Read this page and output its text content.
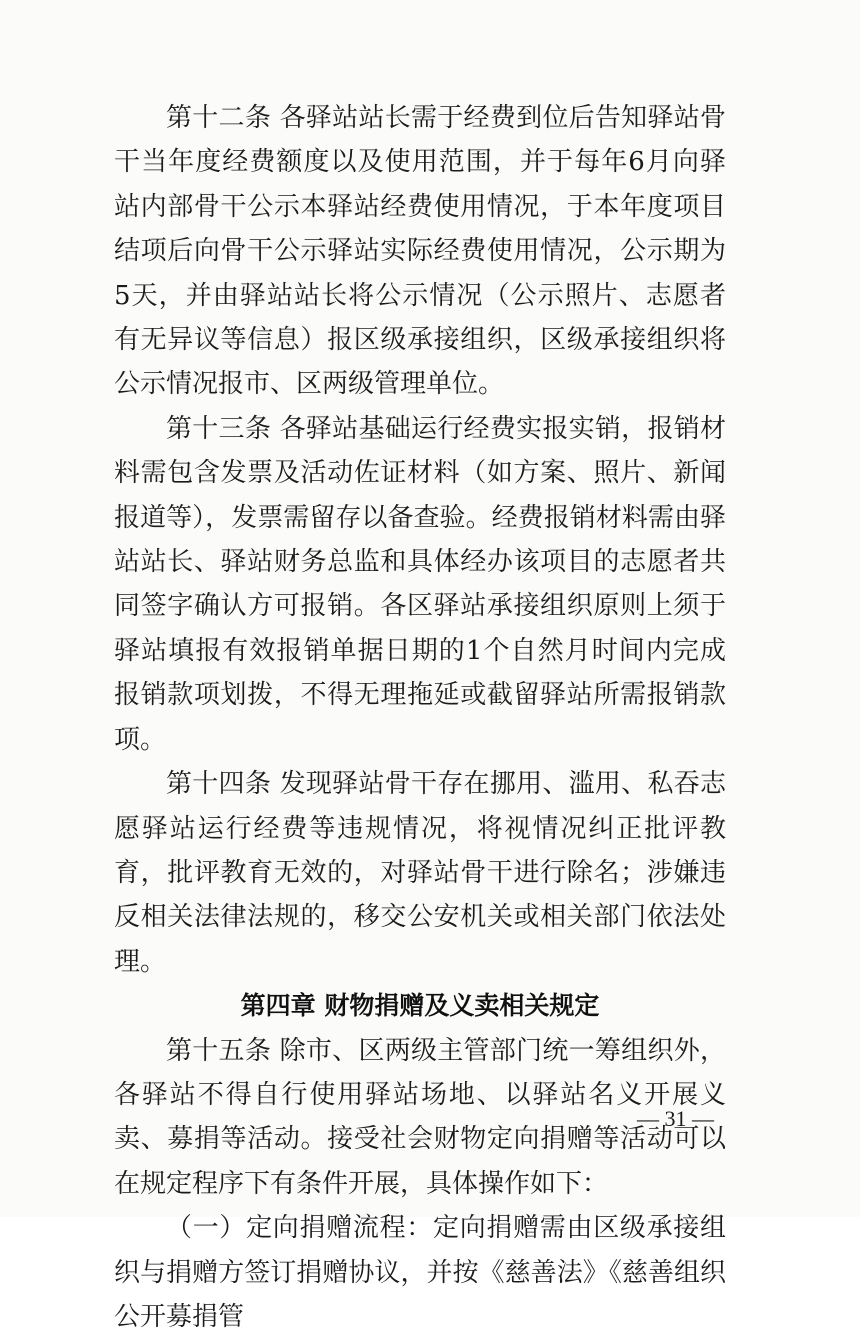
第十二条 各驿站站长需于经费到位后告知驿站骨干当年度经费额度以及使用范围，并于每年6月向驿站内部骨干公示本驿站经费使用情况，于本年度项目结项后向骨干公示驿站实际经费使用情况，公示期为5天，并由驿站站长将公示情况（公示照片、志愿者有无异议等信息）报区级承接组织，区级承接组织将公示情况报市、区两级管理单位。

第十三条 各驿站基础运行经费实报实销，报销材料需包含发票及活动佐证材料（如方案、照片、新闻报道等），发票需留存以备查验。经费报销材料需由驿站站长、驿站财务总监和具体经办该项目的志愿者共同签字确认方可报销。各区驿站承接组织原则上须于驿站填报有效报销单据日期的1个自然月时间内完成报销款项划拨，不得无理拖延或截留驿站所需报销款项。

第十四条 发现驿站骨干存在挪用、滥用、私吞志愿驿站运行经费等违规情况，将视情况纠正批评教育，批评教育无效的，对驿站骨干进行除名；涉嫌违反相关法律法规的，移交公安机关或相关部门依法处理。

第四章 财物捐赠及义卖相关规定

第十五条 除市、区两级主管部门统一筹组织外，各驿站不得自行使用驿站场地、以驿站名义开展义卖、募捐等活动。接受社会财物定向捐赠等活动可以在规定程序下有条件开展，具体操作如下：

（一）定向捐赠流程：定向捐赠需由区级承接组织与捐赠方签订捐赠协议，并按《慈善法》《慈善组织公开募捐管

— 31 —
